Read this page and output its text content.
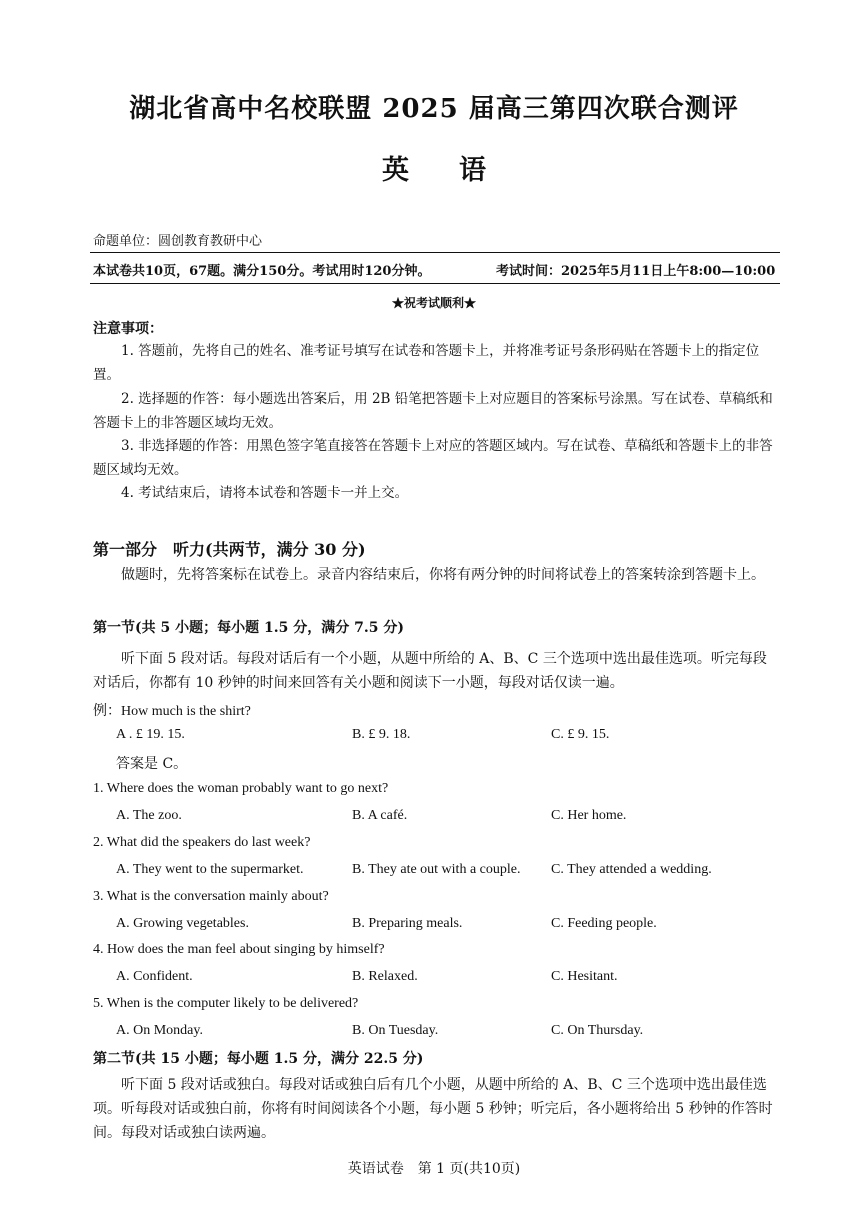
湖北省高中名校联盟 2025 届高三第四次联合测评
英语
命题单位：圆创教育教研中心
本试卷共10页，67题。满分150分。考试用时120分钟。	考试时间：2025年5月11日上午8:00—10:00
★祝考试顺利★
注意事项：
1. 答题前，先将自己的姓名、准考证号填写在试卷和答题卡上，并将准考证号条形码贴在答题卡上的指定位置。
2. 选择题的作答：每小题选出答案后，用 2B 铅笔把答题卡上对应题目的答案标号涂黑。写在试卷、草稿纸和答题卡上的非答题区域均无效。
3. 非选择题的作答：用黑色签字笔直接答在答题卡上对应的答题区域内。写在试卷、草稿纸和答题卡上的非答题区域均无效。
4. 考试结束后，请将本试卷和答题卡一并上交。
第一部分　听力(共两节，满分 30 分)
做题时，先将答案标在试卷上。录音内容结束后，你将有两分钟的时间将试卷上的答案转涂到答题卡上。
第一节(共 5 小题；每小题 1.5 分，满分 7.5 分)
听下面 5 段对话。每段对话后有一个小题，从题中所给的 A、B、C 三个选项中选出最佳选项。听完每段对话后，你都有 10 秒钟的时间来回答有关小题和阅读下一小题，每段对话仅读一遍。
例：How much is the shirt?
A . £ 19. 15.	B. £ 9. 18.	C. £ 9. 15.
答案是 C。
1. Where does the woman probably want to go next?
A. The zoo.	B. A café.	C. Her home.
2. What did the speakers do last week?
A. They went to the supermarket.	B. They ate out with a couple. C. They attended a wedding.
3. What is the conversation mainly about?
A. Growing vegetables.	B. Preparing meals.	C. Feeding people.
4. How does the man feel about singing by himself?
A. Confident.	B. Relaxed.	C. Hesitant.
5. When is the computer likely to be delivered?
A. On Monday.	B. On Tuesday.	C. On Thursday.
第二节(共 15 小题；每小题 1.5 分，满分 22.5 分)
听下面 5 段对话或独白。每段对话或独白后有几个小题，从题中所给的 A、B、C 三个选项中选出最佳选项。听每段对话或独白前，你将有时间阅读各个小题，每小题 5 秒钟；听完后，各小题将给出 5 秒钟的作答时间。每段对话或独白读两遍。
英语试卷　第 1 页(共10页)
